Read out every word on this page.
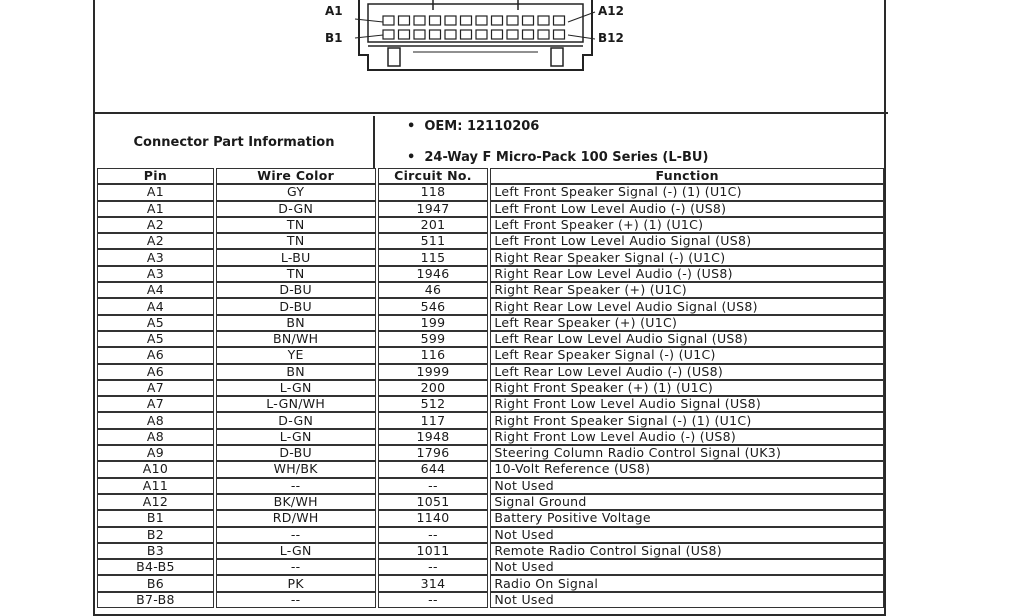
A1	A12
B1	B12
Connector Part Information
•  OEM: 12110206
•  24-Way F Micro-Pack 100 Series (L-BU)
Pin	Wire Color	Circuit No.	Function
A1	GY	118	Left Front Speaker Signal (-) (1) (U1C)
A1	D-GN	1947	Left Front Low Level Audio (-) (US8)
A2	TN	201	Left Front Speaker (+) (1) (U1C)
A2	TN	511	Left Front Low Level Audio Signal (US8)
A3	L-BU	115	Right Rear Speaker Signal (-) (U1C)
A3	TN	1946	Right Rear Low Level Audio (-) (US8)
A4	D-BU	46	Right Rear Speaker (+) (U1C)
A4	D-BU	546	Right Rear Low Level Audio Signal (US8)
A5	BN	199	Left Rear Speaker (+) (U1C)
A5	BN/WH	599	Left Rear Low Level Audio Signal (US8)
A6	YE	116	Left Rear Speaker Signal (-) (U1C)
A6	BN	1999	Left Rear Low Level Audio (-) (US8)
A7	L-GN	200	Right Front Speaker (+) (1) (U1C)
A7	L-GN/WH	512	Right Front Low Level Audio Signal (US8)
A8	D-GN	117	Right Front Speaker Signal (-) (1) (U1C)
A8	L-GN	1948	Right Front Low Level Audio (-) (US8)
A9	D-BU	1796	Steering Column Radio Control Signal (UK3)
A10	WH/BK	644	10-Volt Reference (US8)
A11	--	--	Not Used
A12	BK/WH	1051	Signal Ground
B1	RD/WH	1140	Battery Positive Voltage
B2	--	--	Not Used
B3	L-GN	1011	Remote Radio Control Signal (US8)
B4-B5	--	--	Not Used
B6	PK	314	Radio On Signal
B7-B8	--	--	Not Used
